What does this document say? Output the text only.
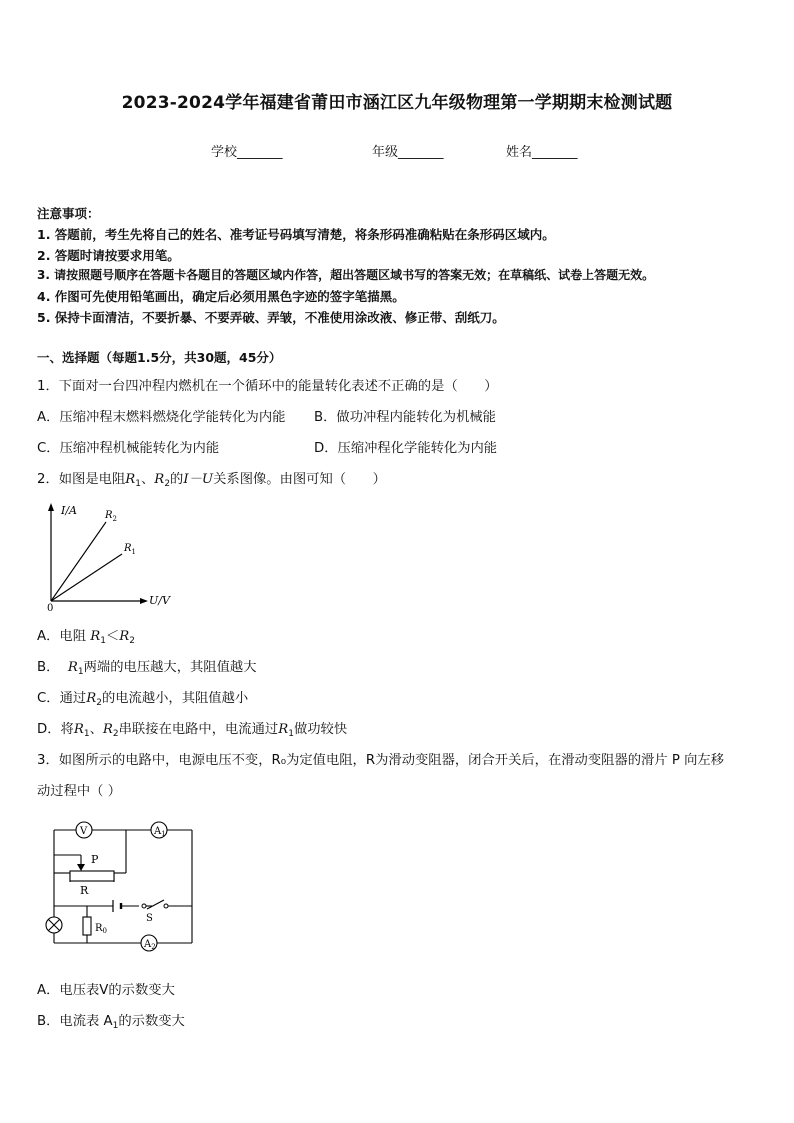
2023-2024学年福建省莆田市涵江区九年级物理第一学期期末检测试题
学校_______	年级_______	姓名_______
注意事项：
1. 答题前，考生先将自己的姓名、准考证号码填写清楚，将条形码准确粘贴在条形码区域内。
2. 答题时请按要求用笔。
3. 请按照题号顺序在答题卡各题目的答题区域内作答，超出答题区域书写的答案无效；在草稿纸、试卷上答题无效。
4. 作图可先使用铅笔画出，确定后必须用黑色字迹的签字笔描黑。
5. 保持卡面清洁，不要折暴、不要弄破、弄皱，不准使用涂改液、修正带、刮纸刀。
一、选择题（每题1.5分，共30题，45分）
1．下面对一台四冲程内燃机在一个循环中的能量转化表述不正确的是（　　）
A．压缩冲程末燃料燃烧化学能转化为内能 B．做功冲程内能转化为机械能
C．压缩冲程机械能转化为内能	D．压缩冲程化学能转化为内能
2．如图是电阻$R_1$、$R_2$的I－U关系图像。由图可知（　　）
I/A
U/V
0
$R_2$
$R_1$
A．电阻 $R_1<R_2$
B． $R_1$两端的电压越大，其阻值越大
C．通过$R_2$的电流越小，其阻值越小
D．将$R_1$、$R_2$串联接在电路中，电流通过$R_1$做功较快
3．如图所示的电路中，电源电压不变，R₀为定值电阻，R为滑动变阻器，闭合开关后，在滑动变阻器的滑片 P 向左移
动过程中（ ）
V	$A_1$
P
R
S
$R_0$
$A_2$
A．电压表Ⅴ的示数变大
B．电流表 $A_1$的示数变大
